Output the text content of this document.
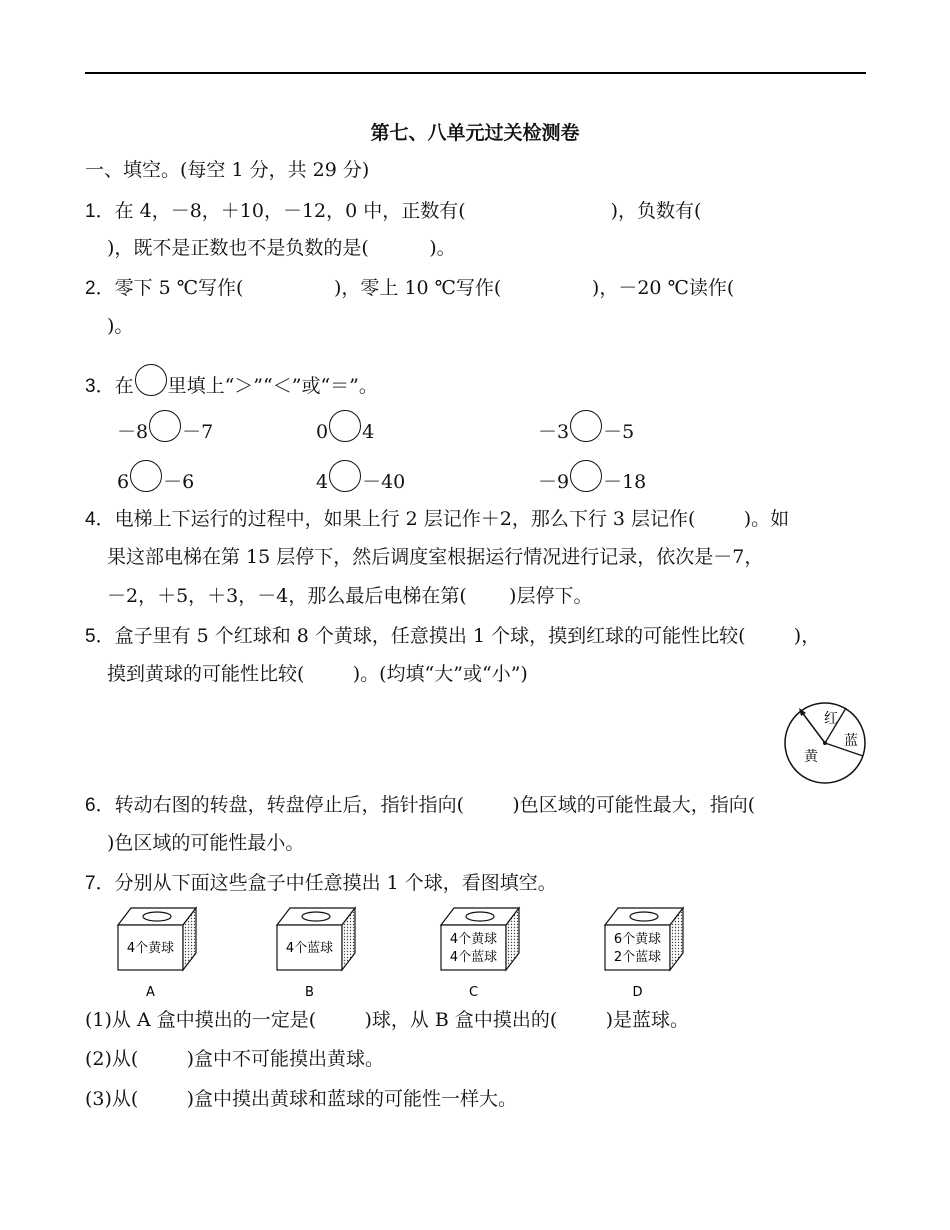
第七、八单元过关检测卷
一、填空。(每空 1 分，共 29 分)
1．在 4，－8，＋10，－12，0 中，正数有(                        )，负数有(
)，既不是正数也不是负数的是(          )。
2．零下 5 ℃写作(               )，零上 10 ℃写作(               )，－20 ℃读作(
)。
3．在 里填上“＞”“＜”或“＝”。
－8 －7	0 4	－3 －5
6 －6	4 －40	－9 －18
4．电梯上下运行的过程中，如果上行 2 层记作＋2，那么下行 3 层记作(        )。如
果这部电梯在第 15 层停下，然后调度室根据运行情况进行记录，依次是－7，
－2，＋5，＋3，－4，那么最后电梯在第(       )层停下。
5．盒子里有 5 个红球和 8 个黄球，任意摸出 1 个球，摸到红球的可能性比较(        )，
摸到黄球的可能性比较(        )。(均填“大”或“小”)
红
蓝
黄
6．转动右图的转盘，转盘停止后，指针指向(        )色区域的可能性最大，指向(
)色区域的可能性最小。
7．分别从下面这些盒子中任意摸出 1 个球，看图填空。
4个黄球
A
4个蓝球
B
4个黄球
4个蓝球
C
6个黄球
2个蓝球
D
(1)从 A 盒中摸出的一定是(        )球，从 B 盒中摸出的(        )是蓝球。
(2)从(        )盒中不可能摸出黄球。
(3)从(        )盒中摸出黄球和蓝球的可能性一样大。
